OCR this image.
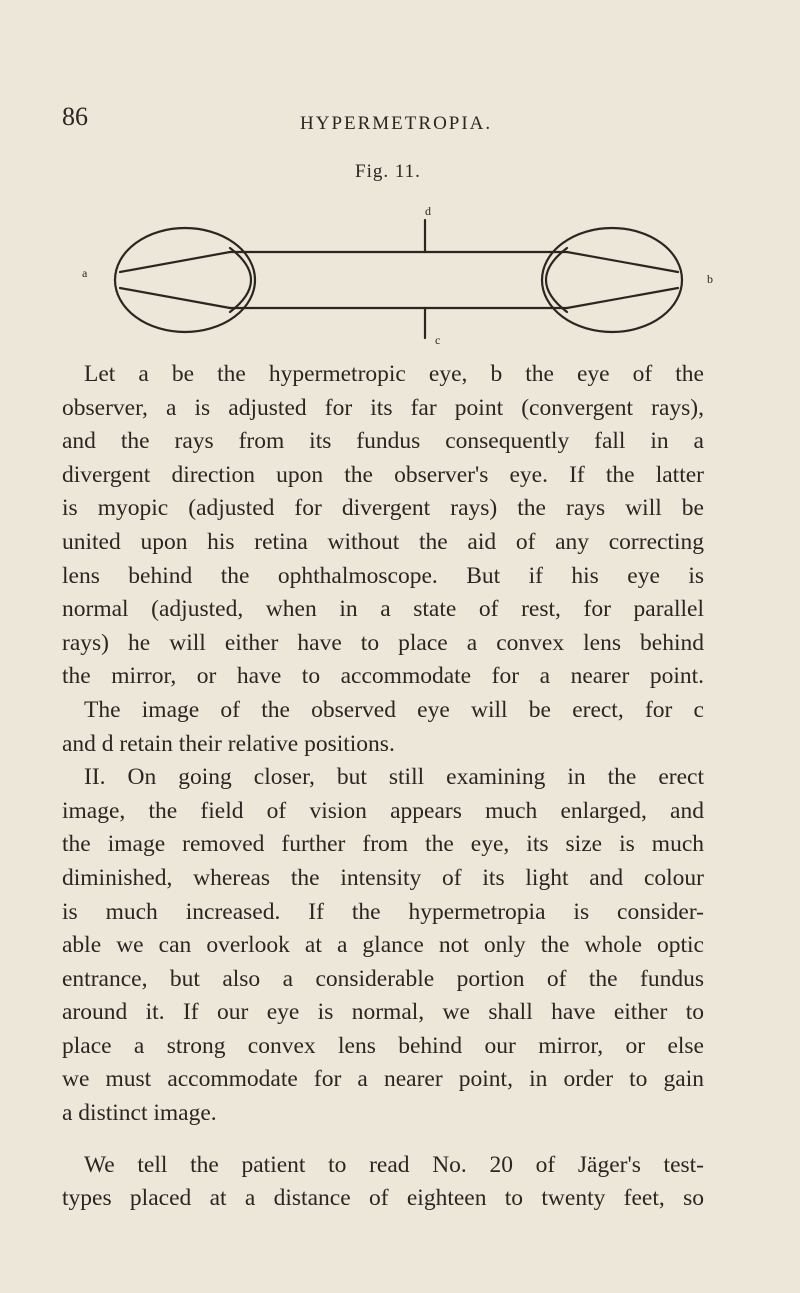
86	HYPERMETROPIA.
Fig. 11.
a	b
c
d
Let a be the hypermetropic eye, b the eye of the
observer, a is adjusted for its far point (convergent rays),
and the rays from its fundus consequently fall in a
divergent direction upon the observer's eye. If the latter
is myopic (adjusted for divergent rays) the rays will be
united upon his retina without the aid of any correcting
lens behind the ophthalmoscope. But if his eye is
normal (adjusted, when in a state of rest, for parallel
rays) he will either have to place a convex lens behind
the mirror, or have to accommodate for a nearer point.
The image of the observed eye will be erect, for c
and d retain their relative positions.
II. On going closer, but still examining in the erect
image, the field of vision appears much enlarged, and
the image removed further from the eye, its size is much
diminished, whereas the intensity of its light and colour
is much increased. If the hypermetropia is consider-
able we can overlook at a glance not only the whole optic
entrance, but also a considerable portion of the fundus
around it. If our eye is normal, we shall have either to
place a strong convex lens behind our mirror, or else
we must accommodate for a nearer point, in order to gain
a distinct image.
We tell the patient to read No. 20 of Jäger's test-
types placed at a distance of eighteen to twenty feet, so
